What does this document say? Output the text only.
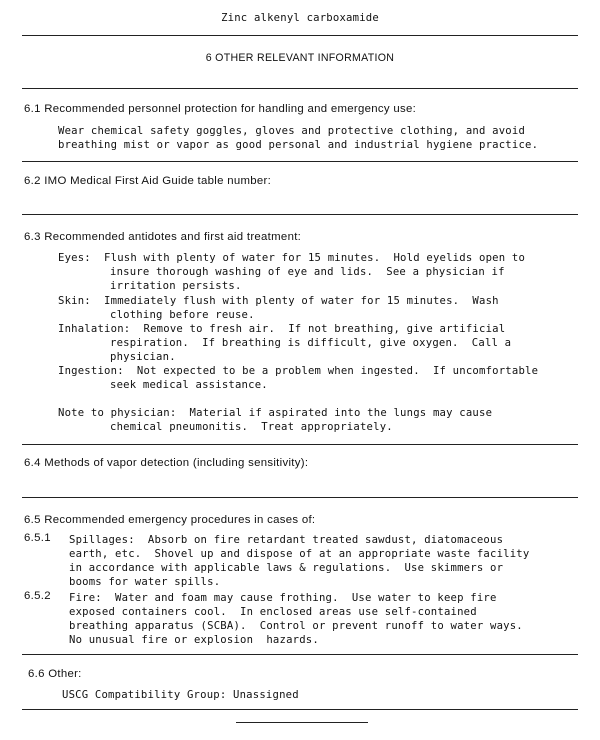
Zinc alkenyl carboxamide
6 OTHER RELEVANT INFORMATION
6.1 Recommended personnel protection for handling and emergency use:
Wear chemical safety goggles, gloves and protective clothing, and avoid
breathing mist or vapor as good personal and industrial hygiene practice.
6.2 IMO Medical First Aid Guide table number:
6.3 Recommended antidotes and first aid treatment:
Eyes:  Flush with plenty of water for 15 minutes.  Hold eyelids open to
insure thorough washing of eye and lids.  See a physician if
irritation persists.
Skin:  Immediately flush with plenty of water for 15 minutes.  Wash
clothing before reuse.
Inhalation:  Remove to fresh air.  If not breathing, give artificial
respiration.  If breathing is difficult, give oxygen.  Call a
physician.
Ingestion:  Not expected to be a problem when ingested.  If uncomfortable
seek medical assistance.
Note to physician:  Material if aspirated into the lungs may cause
chemical pneumonitis.  Treat appropriately.
6.4 Methods of vapor detection (including sensitivity):
6.5 Recommended emergency procedures in cases of:
6.5.1 Spillages:  Absorb on fire retardant treated sawdust, diatomaceous
earth, etc.  Shovel up and dispose of at an appropriate waste facility
in accordance with applicable laws & regulations.  Use skimmers or
booms for water spills.
6.5.2 Fire:  Water and foam may cause frothing.  Use water to keep fire
exposed containers cool.  In enclosed areas use self-contained
breathing apparatus (SCBA).  Control or prevent runoff to water ways.
No unusual fire or explosion  hazards.
6.6 Other:
USCG Compatibility Group: Unassigned
